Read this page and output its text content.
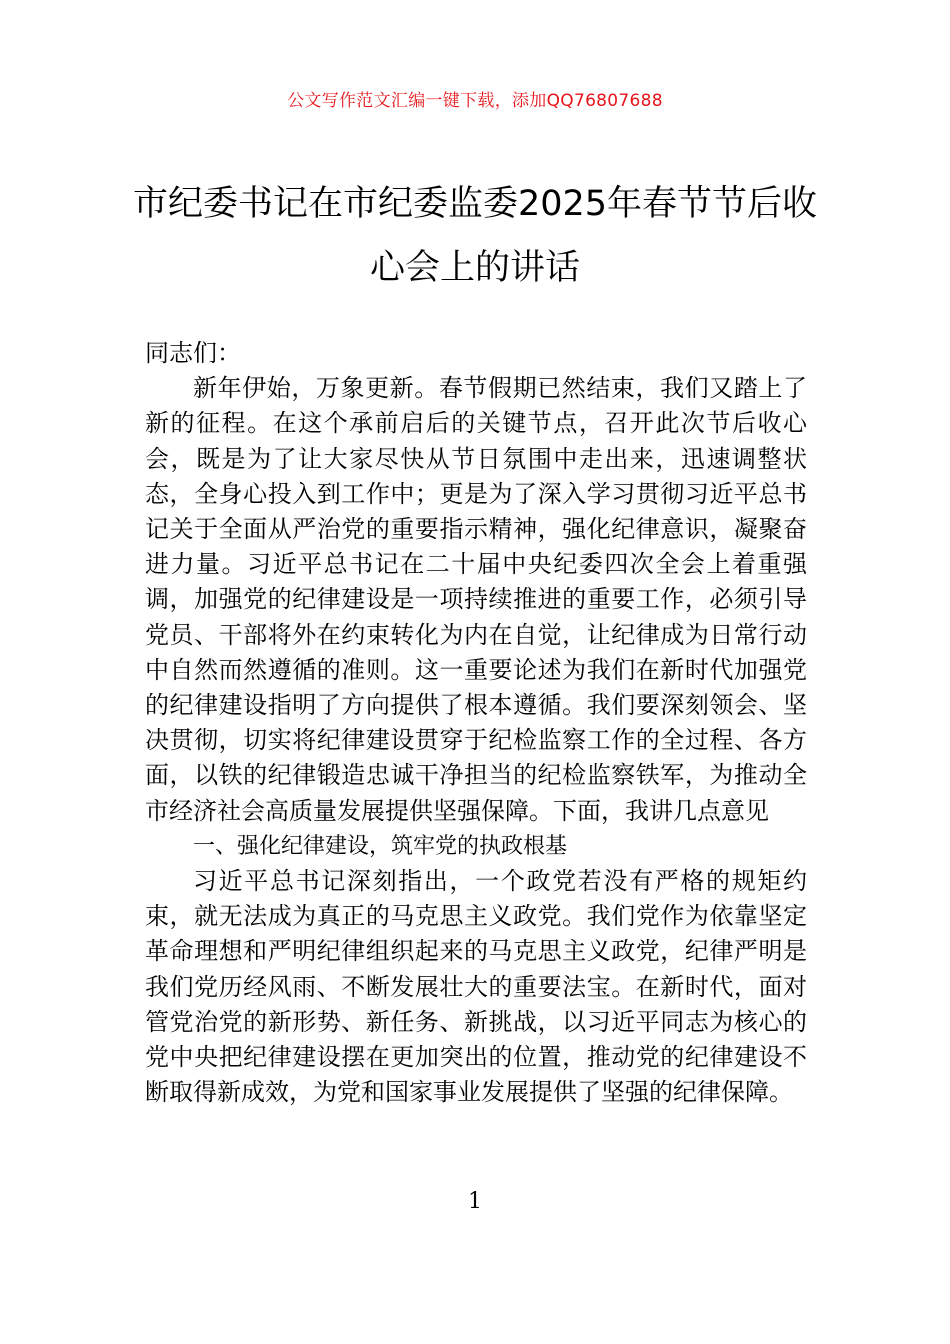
公文写作范文汇编一键下载，添加QQ76807688
市纪委书记在市纪委监委2025年春节节后收心会上的讲话

同志们：

新年伊始，万象更新。春节假期已然结束，我们又踏上了新的征程。在这个承前启后的关键节点，召开此次节后收心会，既是为了让大家尽快从节日氛围中走出来，迅速调整状态，全身心投入到工作中；更是为了深入学习贯彻习近平总书记关于全面从严治党的重要指示精神，强化纪律意识，凝聚奋进力量。习近平总书记在二十届中央纪委四次全会上着重强调，加强党的纪律建设是一项持续推进的重要工作，必须引导党员、干部将外在约束转化为内在自觉，让纪律成为日常行动中自然而然遵循的准则。这一重要论述为我们在新时代加强党的纪律建设指明了方向提供了根本遵循。我们要深刻领会、坚决贯彻，切实将纪律建设贯穿于纪检监察工作的全过程、各方面，以铁的纪律锻造忠诚干净担当的纪检监察铁军，为推动全市经济社会高质量发展提供坚强保障。下面，我讲几点意见

一、强化纪律建设，筑牢党的执政根基

习近平总书记深刻指出，一个政党若没有严格的规矩约束，就无法成为真正的马克思主义政党。我们党作为依靠坚定革命理想和严明纪律组织起来的马克思主义政党，纪律严明是我们党历经风雨、不断发展壮大的重要法宝。在新时代，面对管党治党的新形势、新任务、新挑战，以习近平同志为核心的党中央把纪律建设摆在更加突出的位置，推动党的纪律建设不断取得新成效，为党和国家事业发展提供了坚强的纪律保障。

1
